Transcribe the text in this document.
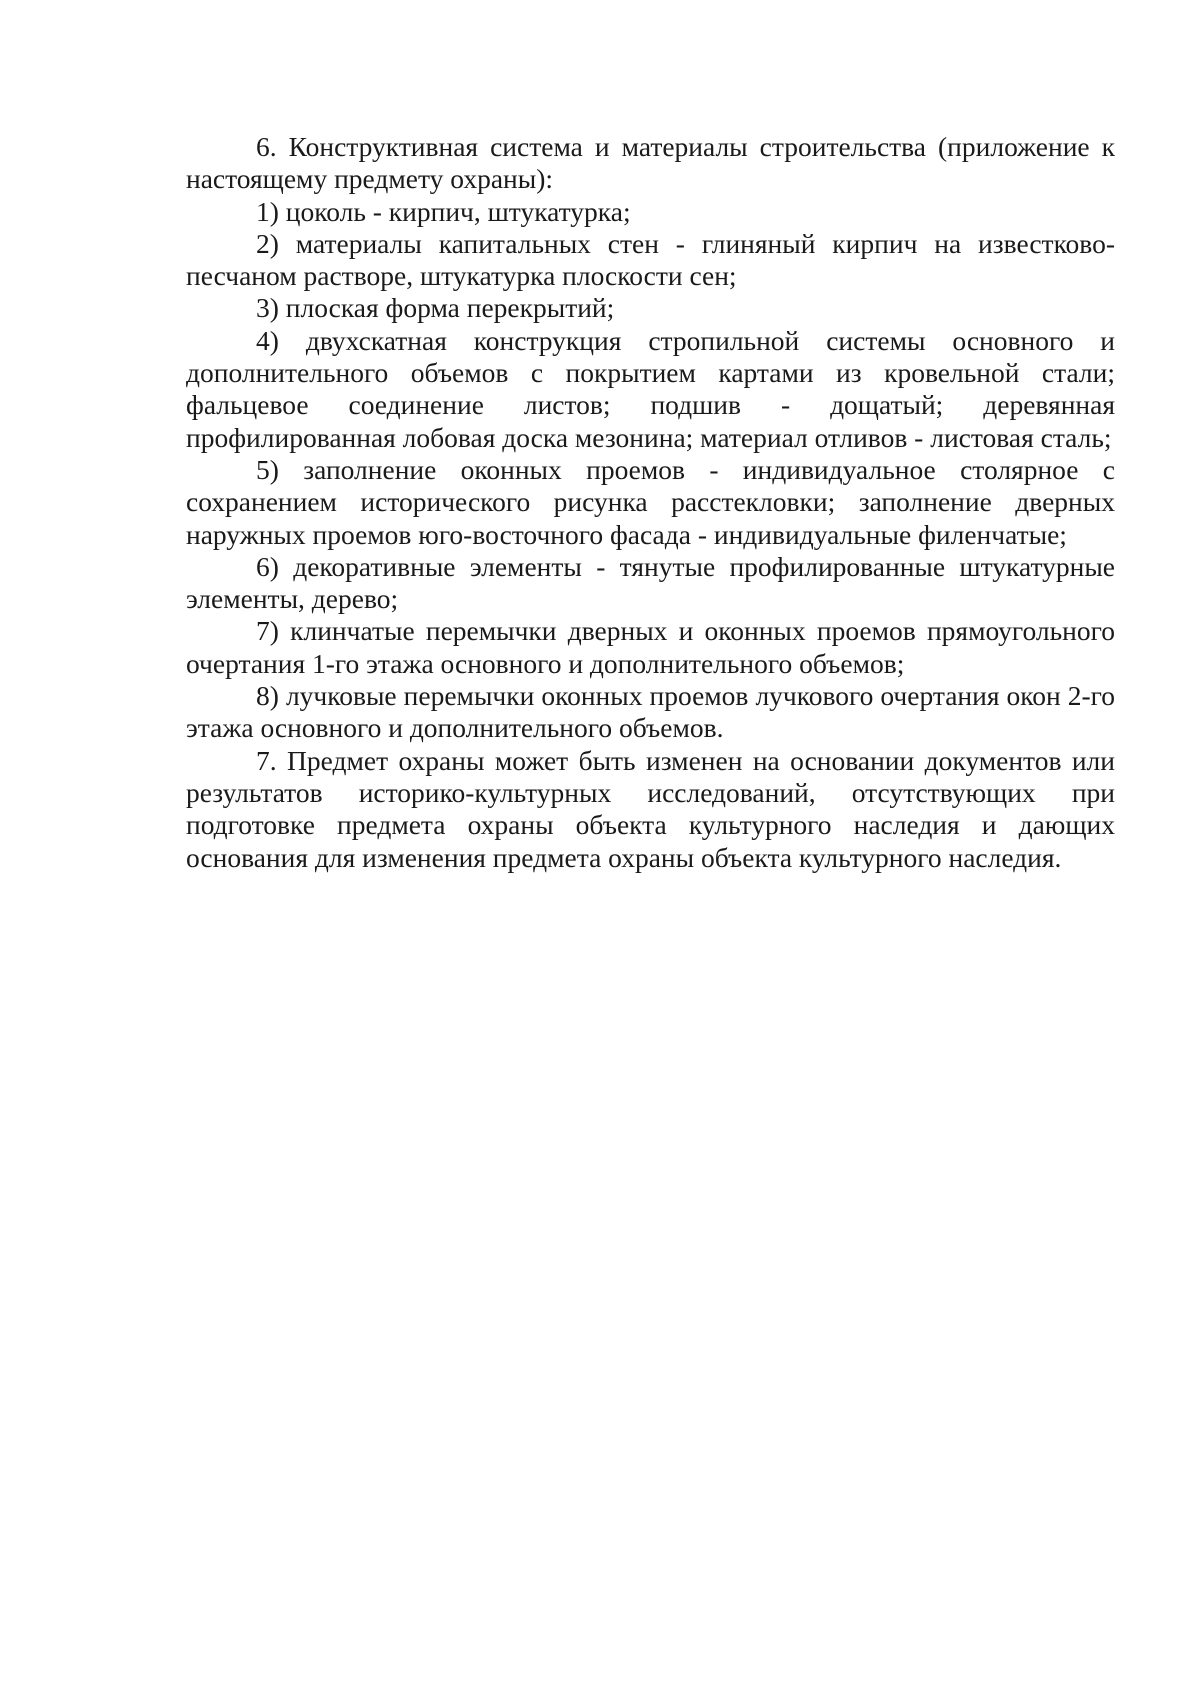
6. Конструктивная система и материалы строительства (приложение к настоящему предмету охраны):

1) цоколь - кирпич, штукатурка;

2) материалы капитальных стен - глиняный кирпич на известково-песчаном растворе, штукатурка плоскости сен;

3) плоская форма перекрытий;

4) двухскатная конструкция стропильной системы основного и дополнительного объемов с покрытием картами из кровельной стали; фальцевое соединение листов; подшив - дощатый; деревянная профилированная лобовая доска мезонина; материал отливов - листовая сталь;

5) заполнение оконных проемов - индивидуальное столярное с сохранением исторического рисунка расстекловки; заполнение дверных наружных проемов юго-восточного фасада - индивидуальные филенчатые;

6) декоративные элементы - тянутые профилированные штукатурные элементы, дерево;

7) клинчатые перемычки дверных и оконных проемов прямоугольного очертания 1-го этажа основного и дополнительного объемов;

8) лучковые перемычки оконных проемов лучкового очертания окон 2-го этажа основного и дополнительного объемов.

7. Предмет охраны может быть изменен на основании документов или результатов историко-культурных исследований, отсутствующих при подготовке предмета охраны объекта культурного наследия и дающих основания для изменения предмета охраны объекта культурного наследия.
